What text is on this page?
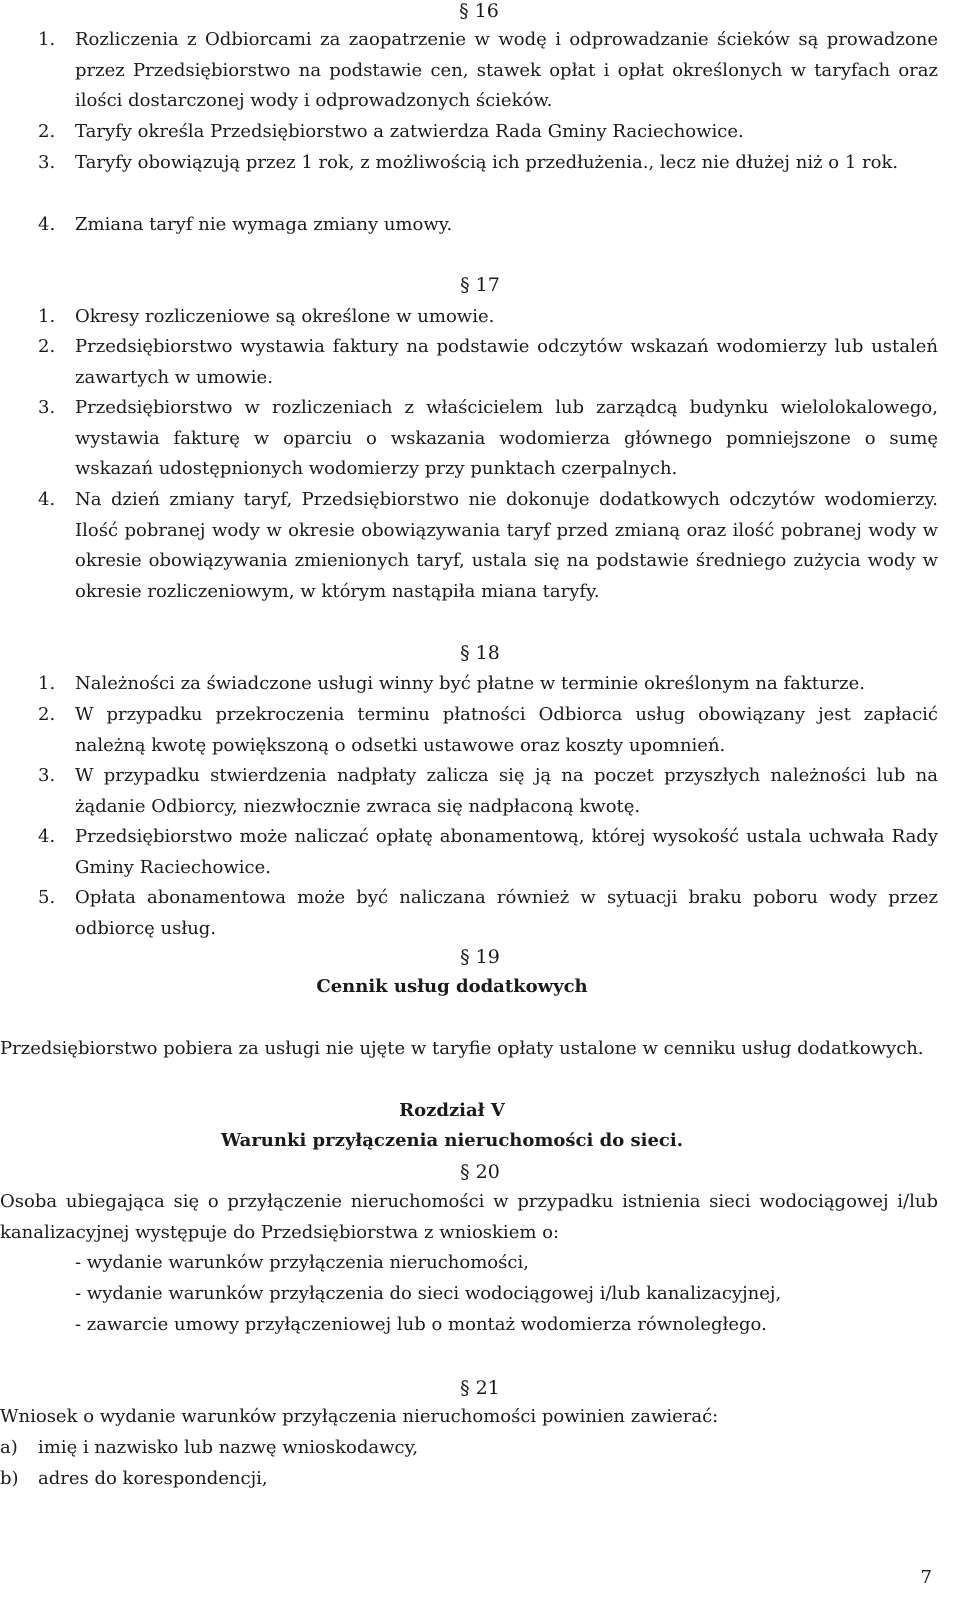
§ 16
1. Rozliczenia z Odbiorcami za zaopatrzenie w wodę i odprowadzanie ścieków są prowadzone przez Przedsiębiorstwo na podstawie cen, stawek opłat i opłat określonych w taryfach oraz ilości dostarczonej wody i odprowadzonych ścieków.
2. Taryfy określa Przedsiębiorstwo a zatwierdza Rada Gminy Raciechowice.
3. Taryfy obowiązują przez 1 rok, z możliwością ich przedłużenia., lecz nie dłużej niż o 1 rok.
4. Zmiana taryf nie wymaga zmiany umowy.
§ 17
1. Okresy rozliczeniowe są określone w umowie.
2. Przedsiębiorstwo wystawia faktury na podstawie odczytów wskazań wodomierzy lub ustaleń zawartych w umowie.
3. Przedsiębiorstwo w rozliczeniach z właścicielem lub zarządcą budynku wielolokalowego, wystawia fakturę w oparciu o wskazania wodomierza głównego pomniejszone o sumę wskazań udostępnionych wodomierzy przy punktach czerpalnych.
4. Na dzień zmiany taryf, Przedsiębiorstwo nie dokonuje dodatkowych odczytów wodomierzy. Ilość pobranej wody w okresie obowiązywania taryf przed zmianą oraz ilość pobranej wody w okresie obowiązywania zmienionych taryf, ustala się na podstawie średniego zużycia wody w okresie rozliczeniowym, w którym nastąpiła miana taryfy.
§ 18
1. Należności za świadczone usługi winny być płatne w terminie określonym na fakturze.
2. W przypadku przekroczenia terminu płatności Odbiorca usług obowiązany jest zapłacić należną kwotę powiększoną o odsetki ustawowe oraz koszty upomnień.
3. W przypadku stwierdzenia nadpłaty zalicza się ją na poczet przyszłych należności lub na żądanie Odbiorcy, niezwłocznie zwraca się nadpłaconą kwotę.
4. Przedsiębiorstwo może naliczać opłatę abonamentową, której wysokość ustala uchwała Rady Gminy Raciechowice.
5. Opłata abonamentowa może być naliczana również w sytuacji braku poboru wody przez odbiorcę usług.
§ 19
Cennik usług dodatkowych
Przedsiębiorstwo pobiera za usługi nie ujęte w taryfie opłaty ustalone w cenniku usług dodatkowych.
Rozdział V
Warunki przyłączenia nieruchomości do sieci.
§ 20
Osoba ubiegająca się o przyłączenie nieruchomości w przypadku istnienia sieci wodociągowej i/lub kanalizacyjnej występuje do Przedsiębiorstwa z wnioskiem o:
- wydanie warunków przyłączenia nieruchomości,
- wydanie warunków przyłączenia do sieci wodociągowej i/lub kanalizacyjnej,
- zawarcie umowy przyłączeniowej lub o montaż wodomierza równoległego.
§ 21
Wniosek o wydanie warunków przyłączenia nieruchomości powinien zawierać:
a) imię i nazwisko lub nazwę wnioskodawcy,
b) adres do korespondencji,
7
